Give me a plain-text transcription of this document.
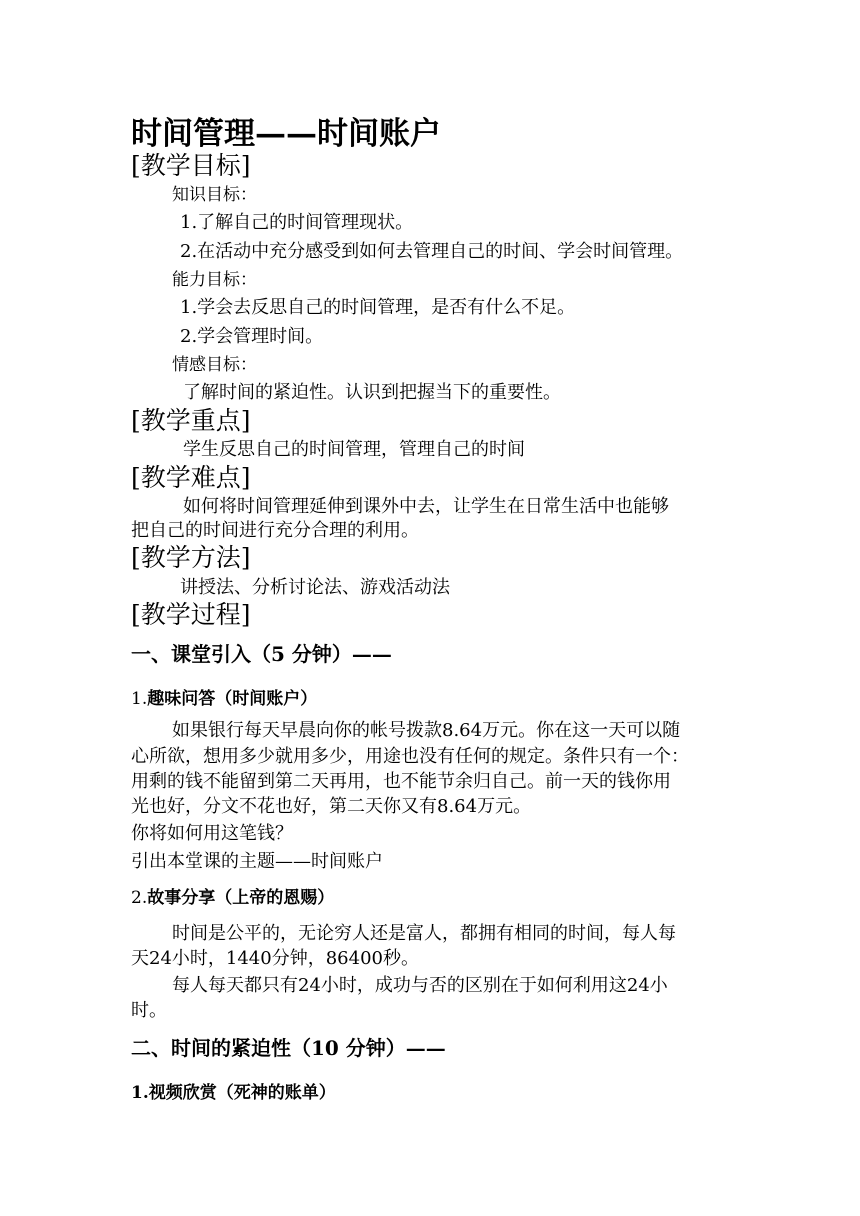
时间管理——时间账户
[教学目标]
知识目标：
1.了解自己的时间管理现状。
2.在活动中充分感受到如何去管理自己的时间、学会时间管理。
能力目标：
1.学会去反思自己的时间管理，是否有什么不足。
2.学会管理时间。
情感目标：
了解时间的紧迫性。认识到把握当下的重要性。
[教学重点]
学生反思自己的时间管理，管理自己的时间
[教学难点]
如何将时间管理延伸到课外中去，让学生在日常生活中也能够
把自己的时间进行充分合理的利用。
[教学方法]
讲授法、分析讨论法、游戏活动法
[教学过程]
一、课堂引入（5 分钟）——
1.趣味问答（时间账户）
如果银行每天早晨向你的帐号拨款8.64万元。你在这一天可以随
心所欲，想用多少就用多少，用途也没有任何的规定。条件只有一个：
用剩的钱不能留到第二天再用，也不能节余归自己。前一天的钱你用
光也好，分文不花也好，第二天你又有8.64万元。
你将如何用这笔钱？
引出本堂课的主题——时间账户
2.故事分享（上帝的恩赐）
时间是公平的，无论穷人还是富人，都拥有相同的时间，每人每
天24小时，1440分钟，86400秒。
每人每天都只有24小时，成功与否的区别在于如何利用这24小
时。
二、时间的紧迫性（10 分钟）——
1.视频欣赏（死神的账单）
